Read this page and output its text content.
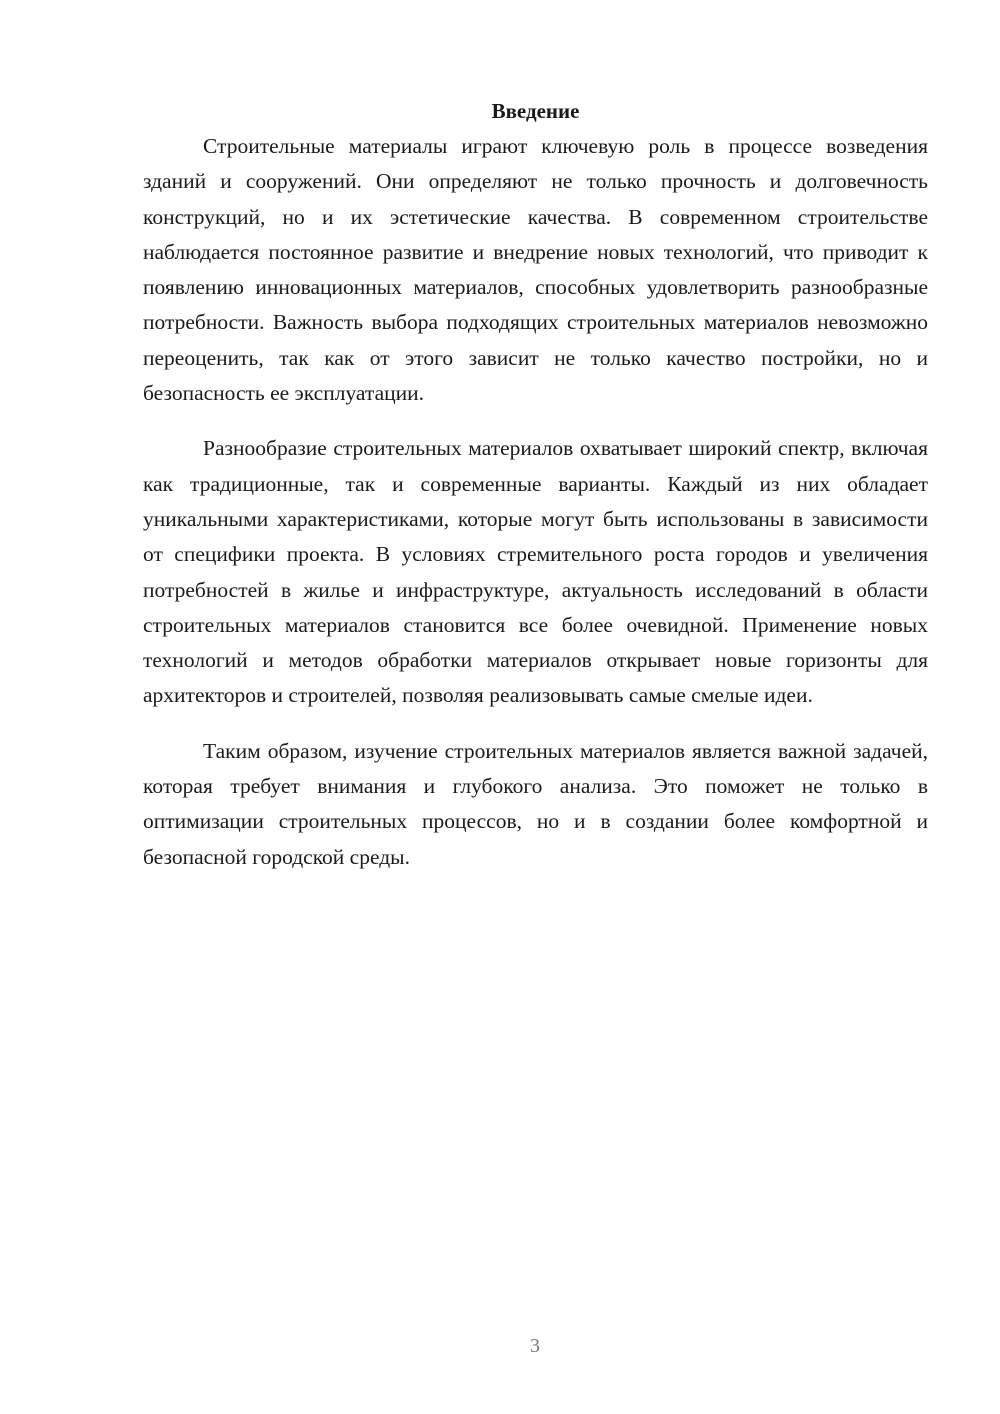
Введение

Строительные материалы играют ключевую роль в процессе возведения зданий и сооружений. Они определяют не только прочность и долговечность конструкций, но и их эстетические качества. В современном строительстве наблюдается постоянное развитие и внедрение новых технологий, что приводит к появлению инновационных материалов, способных удовлетворить разнообразные потребности. Важность выбора подходящих строительных материалов невозможно переоценить, так как от этого зависит не только качество постройки, но и безопасность ее эксплуатации.

Разнообразие строительных материалов охватывает широкий спектр, включая как традиционные, так и современные варианты. Каждый из них обладает уникальными характеристиками, которые могут быть использованы в зависимости от специфики проекта. В условиях стремительного роста городов и увеличения потребностей в жилье и инфраструктуре, актуальность исследований в области строительных материалов становится все более очевидной. Применение новых технологий и методов обработки материалов открывает новые горизонты для архитекторов и строителей, позволяя реализовывать самые смелые идеи.

Таким образом, изучение строительных материалов является важной задачей, которая требует внимания и глубокого анализа. Это поможет не только в оптимизации строительных процессов, но и в создании более комфортной и безопасной городской среды.

3
